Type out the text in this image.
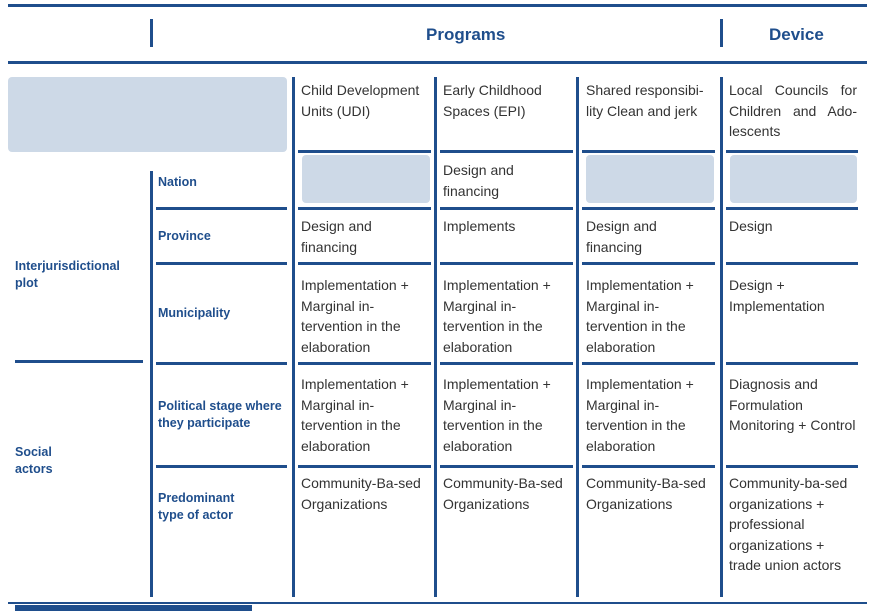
Programs	Device
Child Development Units (UDI)
Early Childhood Spaces (EPI)
Shared responsibi-lity Clean and jerk
Local Councils for Children and Ado-lescents
Interjurisdictional plot
Social actors
Nation
Design and financing
Province
Design and financing
Implements	Design and financing
Design
Municipality
Implementation + Marginal in-tervention in the elaboration
Implementation + Marginal in-tervention in the elaboration
Implementation + Marginal in-tervention in the elaboration
Design + Implementation
Political stage where they participate
Implementation + Marginal in-tervention in the elaboration
Implementation + Marginal in-tervention in the elaboration
Implementation + Marginal in-tervention in the elaboration
Diagnosis and Formulation Monitoring + Control
Predominant type of actor
Community-Ba-sed Organizations
Community-Ba-sed Organizations
Community-Ba-sed Organizations
Community-ba-sed organizations + professional organizations + trade union actors
